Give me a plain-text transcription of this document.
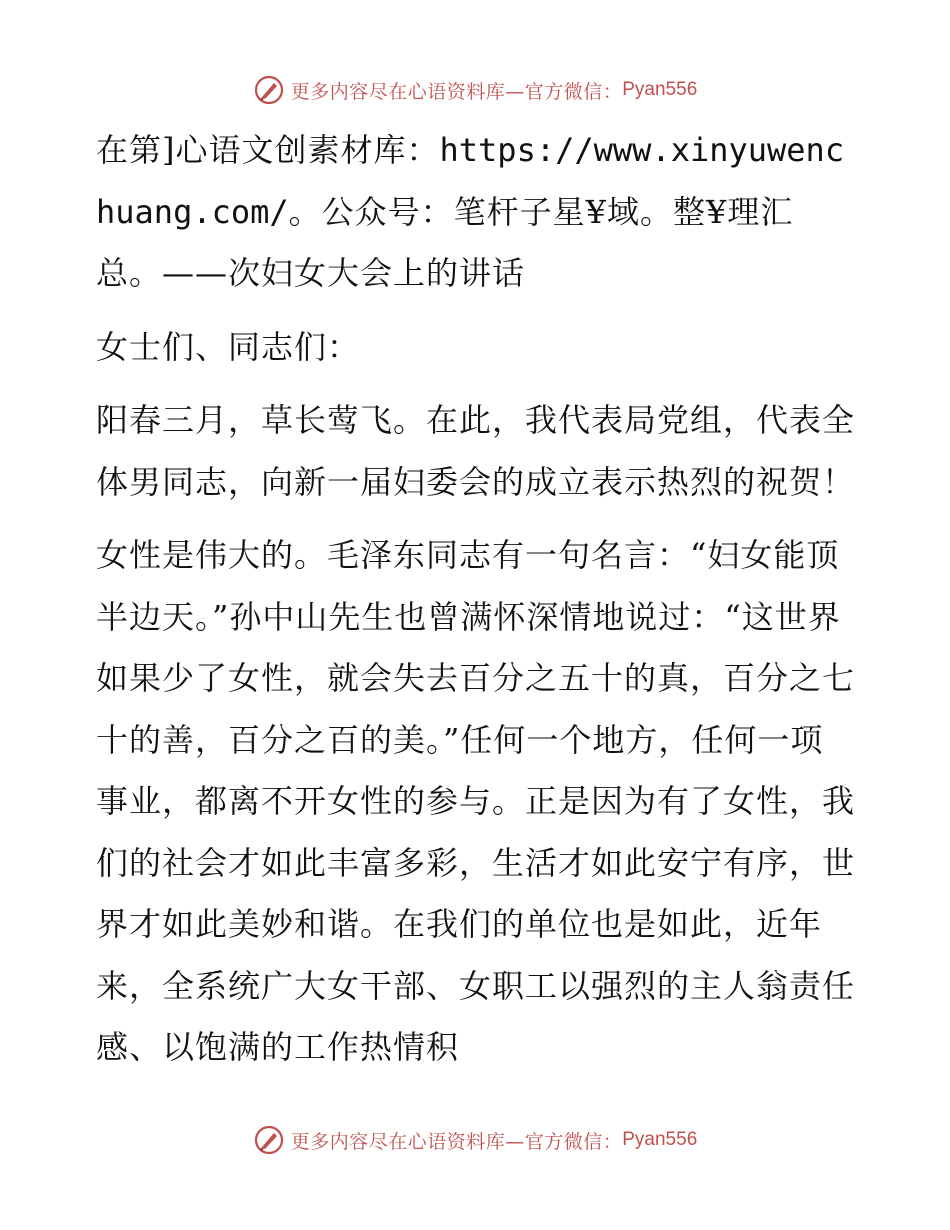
更多内容尽在心语资料库—官方微信： Pyan556

在第]心语文创素材库：https://www.xinyuwenchuang.com/。公众号：笔杆子星¥域。整¥理汇总。——次妇女大会上的讲话

女士们、同志们：

阳春三月，草长莺飞。在此，我代表局党组，代表全体男同志，向新一届妇委会的成立表示热烈的祝贺！

女性是伟大的。毛泽东同志有一句名言：“妇女能顶半边天。”孙中山先生也曾满怀深情地说过：“这世界如果少了女性，就会失去百分之五十的真，百分之七十的善，百分之百的美。”任何一个地方，任何一项事业，都离不开女性的参与。正是因为有了女性，我们的社会才如此丰富多彩，生活才如此安宁有序，世界才如此美妙和谐。在我们的单位也是如此，近年来，全系统广大女干部、女职工以强烈的主人翁责任感、以饱满的工作热情积

更多内容尽在心语资料库—官方微信： Pyan556
